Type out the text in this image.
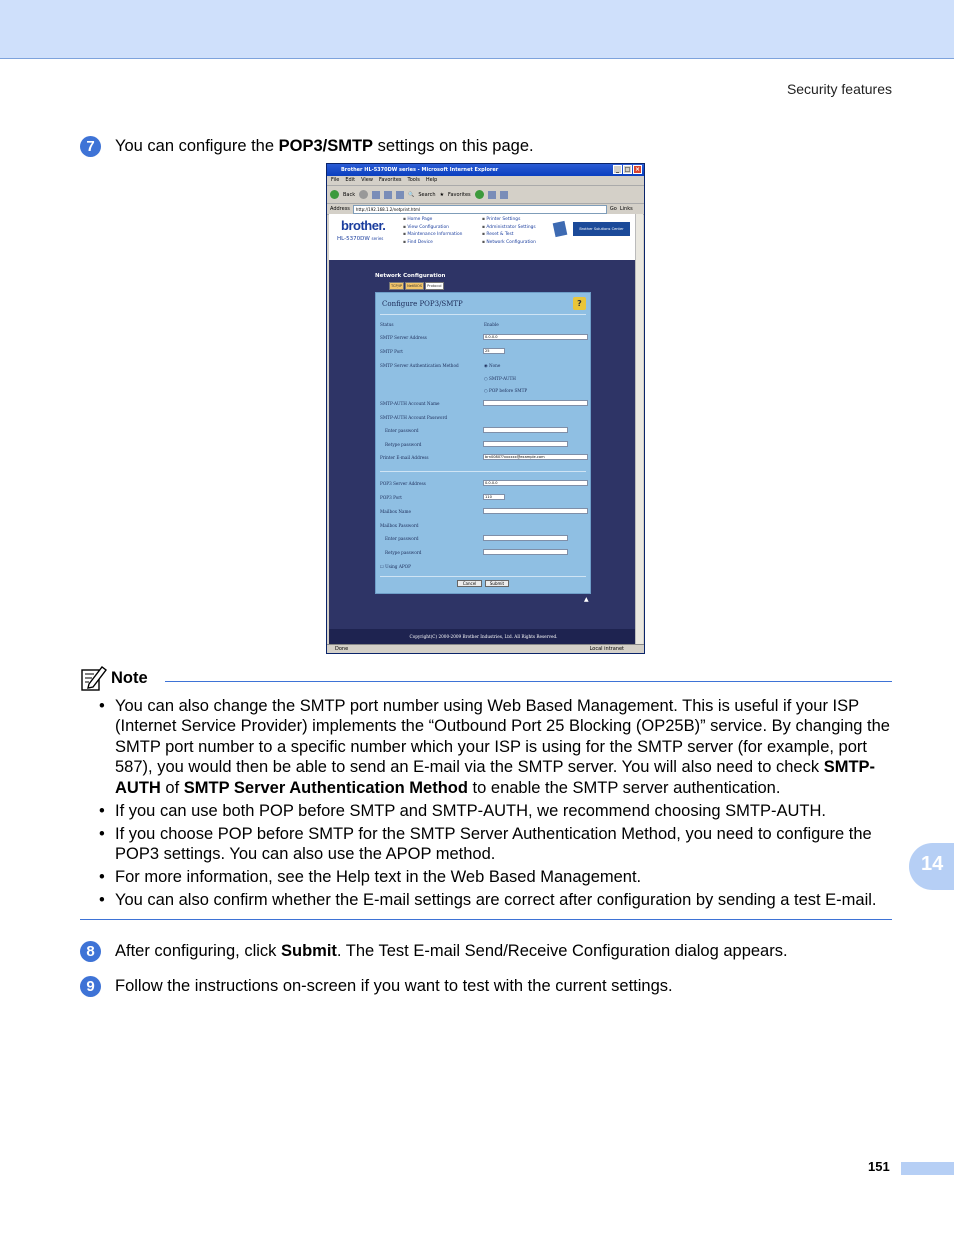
Security features
7	You can configure the POP3/SMTP settings on this page.
Brother HL-5370DW series - Microsoft Internet Explorer	_ □ ×
File Edit View Favorites Tools Help
Back	🔍 Search ★ Favorites
Address	http://192.168.1.2/netprint.html	Go Links
brother.
HL-5370DW series
▪ Home Page
▪ View Configuration
▪ Maintenance Information
▪ Find Device
▪ Printer Settings
▪ Administrator Settings
▪ Reset & Test
▪ Network Configuration
Brother Solutions Center
Network Configuration
TCP/IP	NetBIOS	Protocol
Configure POP3/SMTP	?
Status	Enable
SMTP Server Address	0.0.0.0
SMTP Port	25
SMTP Server Authentication Method
◉	None
○ SMTP-AUTH
○ POP before SMTP
SMTP-AUTH Account Name
SMTP-AUTH Account Password
Enter password
Retype password
Printer E-mail Address	brn0080??xxxxxx@example.com
POP3 Server Address	0.0.0.0
POP3 Port	110
Mailbox Name
Mailbox Password
Enter password
Retype password
☐ Using APOP
Cancel	Submit
▲
Copyright(C) 2000-2009 Brother Industries, Ltd. All Rights Reserved.
Done	Local intranet
Note
• You can also change the SMTP port number using Web Based Management. This is useful if your ISP (Internet Service Provider) implements the “Outbound Port 25 Blocking (OP25B)” service. By changing the SMTP port number to a specific number which your ISP is using for the SMTP server (for example, port 587), you would then be able to send an E-mail via the SMTP server. You will also need to check SMTP-AUTH of SMTP Server Authentication Method to enable the SMTP server authentication.
• If you can use both POP before SMTP and SMTP-AUTH, we recommend choosing SMTP-AUTH.
• If you choose POP before SMTP for the SMTP Server Authentication Method, you need to configure the POP3 settings. You can also use the APOP method.
• For more information, see the Help text in the Web Based Management.
• You can also confirm whether the E-mail settings are correct after configuration by sending a test E-mail.
8	After configuring, click Submit. The Test E-mail Send/Receive Configuration dialog appears.
9	Follow the instructions on-screen if you want to test with the current settings.
14
151
